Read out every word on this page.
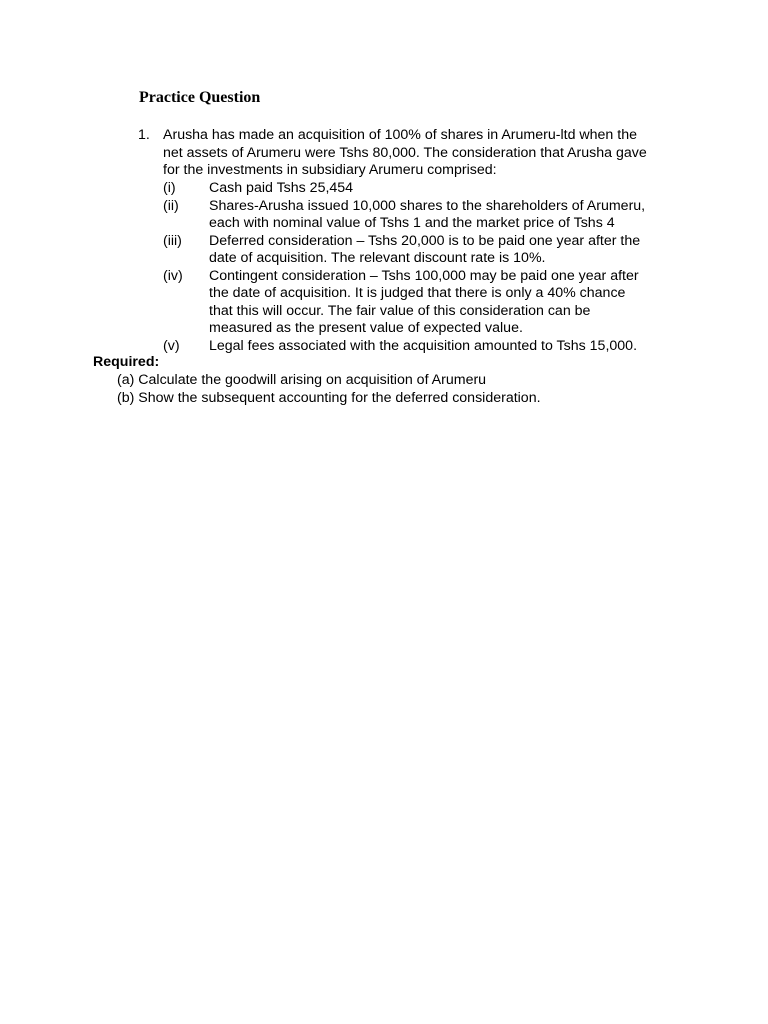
Practice Question
1. Arusha has made an acquisition of 100% of shares in Arumeru-ltd when the
net assets of Arumeru were Tshs 80,000. The consideration that Arusha gave
for the investments in subsidiary Arumeru comprised:
(i) Cash paid Tshs 25,454
(ii) Shares-Arusha issued 10,000 shares to the shareholders of Arumeru,
each with nominal value of Tshs 1 and the market price of Tshs 4
(iii) Deferred consideration – Tshs 20,000 is to be paid one year after the
date of acquisition. The relevant discount rate is 10%.
(iv) Contingent consideration – Tshs 100,000 may be paid one year after
the date of acquisition. It is judged that there is only a 40% chance
that this will occur. The fair value of this consideration can be
measured as the present value of expected value.
(v) Legal fees associated with the acquisition amounted to Tshs 15,000.
Required:
(a) Calculate the goodwill arising on acquisition of Arumeru
(b) Show the subsequent accounting for the deferred consideration.
